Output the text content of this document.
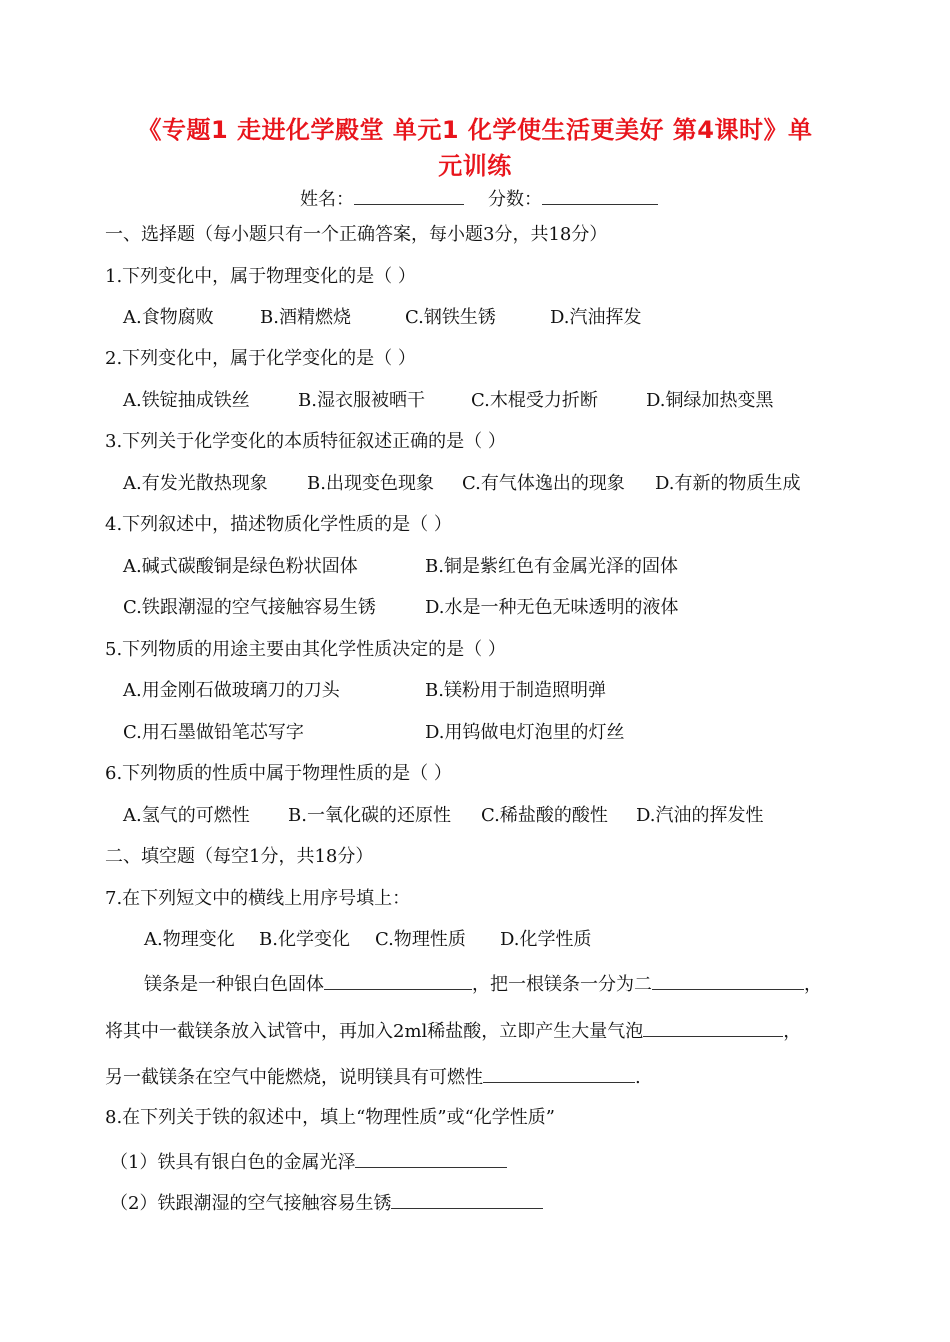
《专题1 走进化学殿堂 单元1 化学使生活更美好 第4课时》单
元训练
姓名：	分数：
一、选择题（每小题只有一个正确答案，每小题3分，共18分）
1.下列变化中，属于物理变化的是（ ）
A.食物腐败	B.酒精燃烧	C.钢铁生锈	D.汽油挥发
2.下列变化中，属于化学变化的是（ ）
A.铁锭抽成铁丝	B.湿衣服被晒干	C.木棍受力折断	D.铜绿加热变黑
3.下列关于化学变化的本质特征叙述正确的是（ ）
A.有发光散热现象 B.出现变色现象 C.有气体逸出的现象 D.有新的物质生成
4.下列叙述中，描述物质化学性质的是（ ）
A.碱式碳酸铜是绿色粉状固体	B.铜是紫红色有金属光泽的固体
C.铁跟潮湿的空气接触容易生锈	D.水是一种无色无味透明的液体
5.下列物质的用途主要由其化学性质决定的是（ ）
A.用金刚石做玻璃刀的刀头	B.镁粉用于制造照明弹
C.用石墨做铅笔芯写字	D.用钨做电灯泡里的灯丝
6.下列物质的性质中属于物理性质的是（ ）
A.氢气的可燃性 B.一氧化碳的还原性 C.稀盐酸的酸性 D.汽油的挥发性
二、填空题（每空1分，共18分）
7.在下列短文中的横线上用序号填上：
A.物理变化 B.化学变化 C.物理性质 D.化学性质
镁条是一种银白色固体	，把一根镁条一分为二	，
将其中一截镁条放入试管中，再加入2ml稀盐酸，立即产生大量气泡	，
另一截镁条在空气中能燃烧，说明镁具有可燃性	.
8.在下列关于铁的叙述中，填上“物理性质”或“化学性质”
（1）铁具有银白色的金属光泽
（2）铁跟潮湿的空气接触容易生锈
